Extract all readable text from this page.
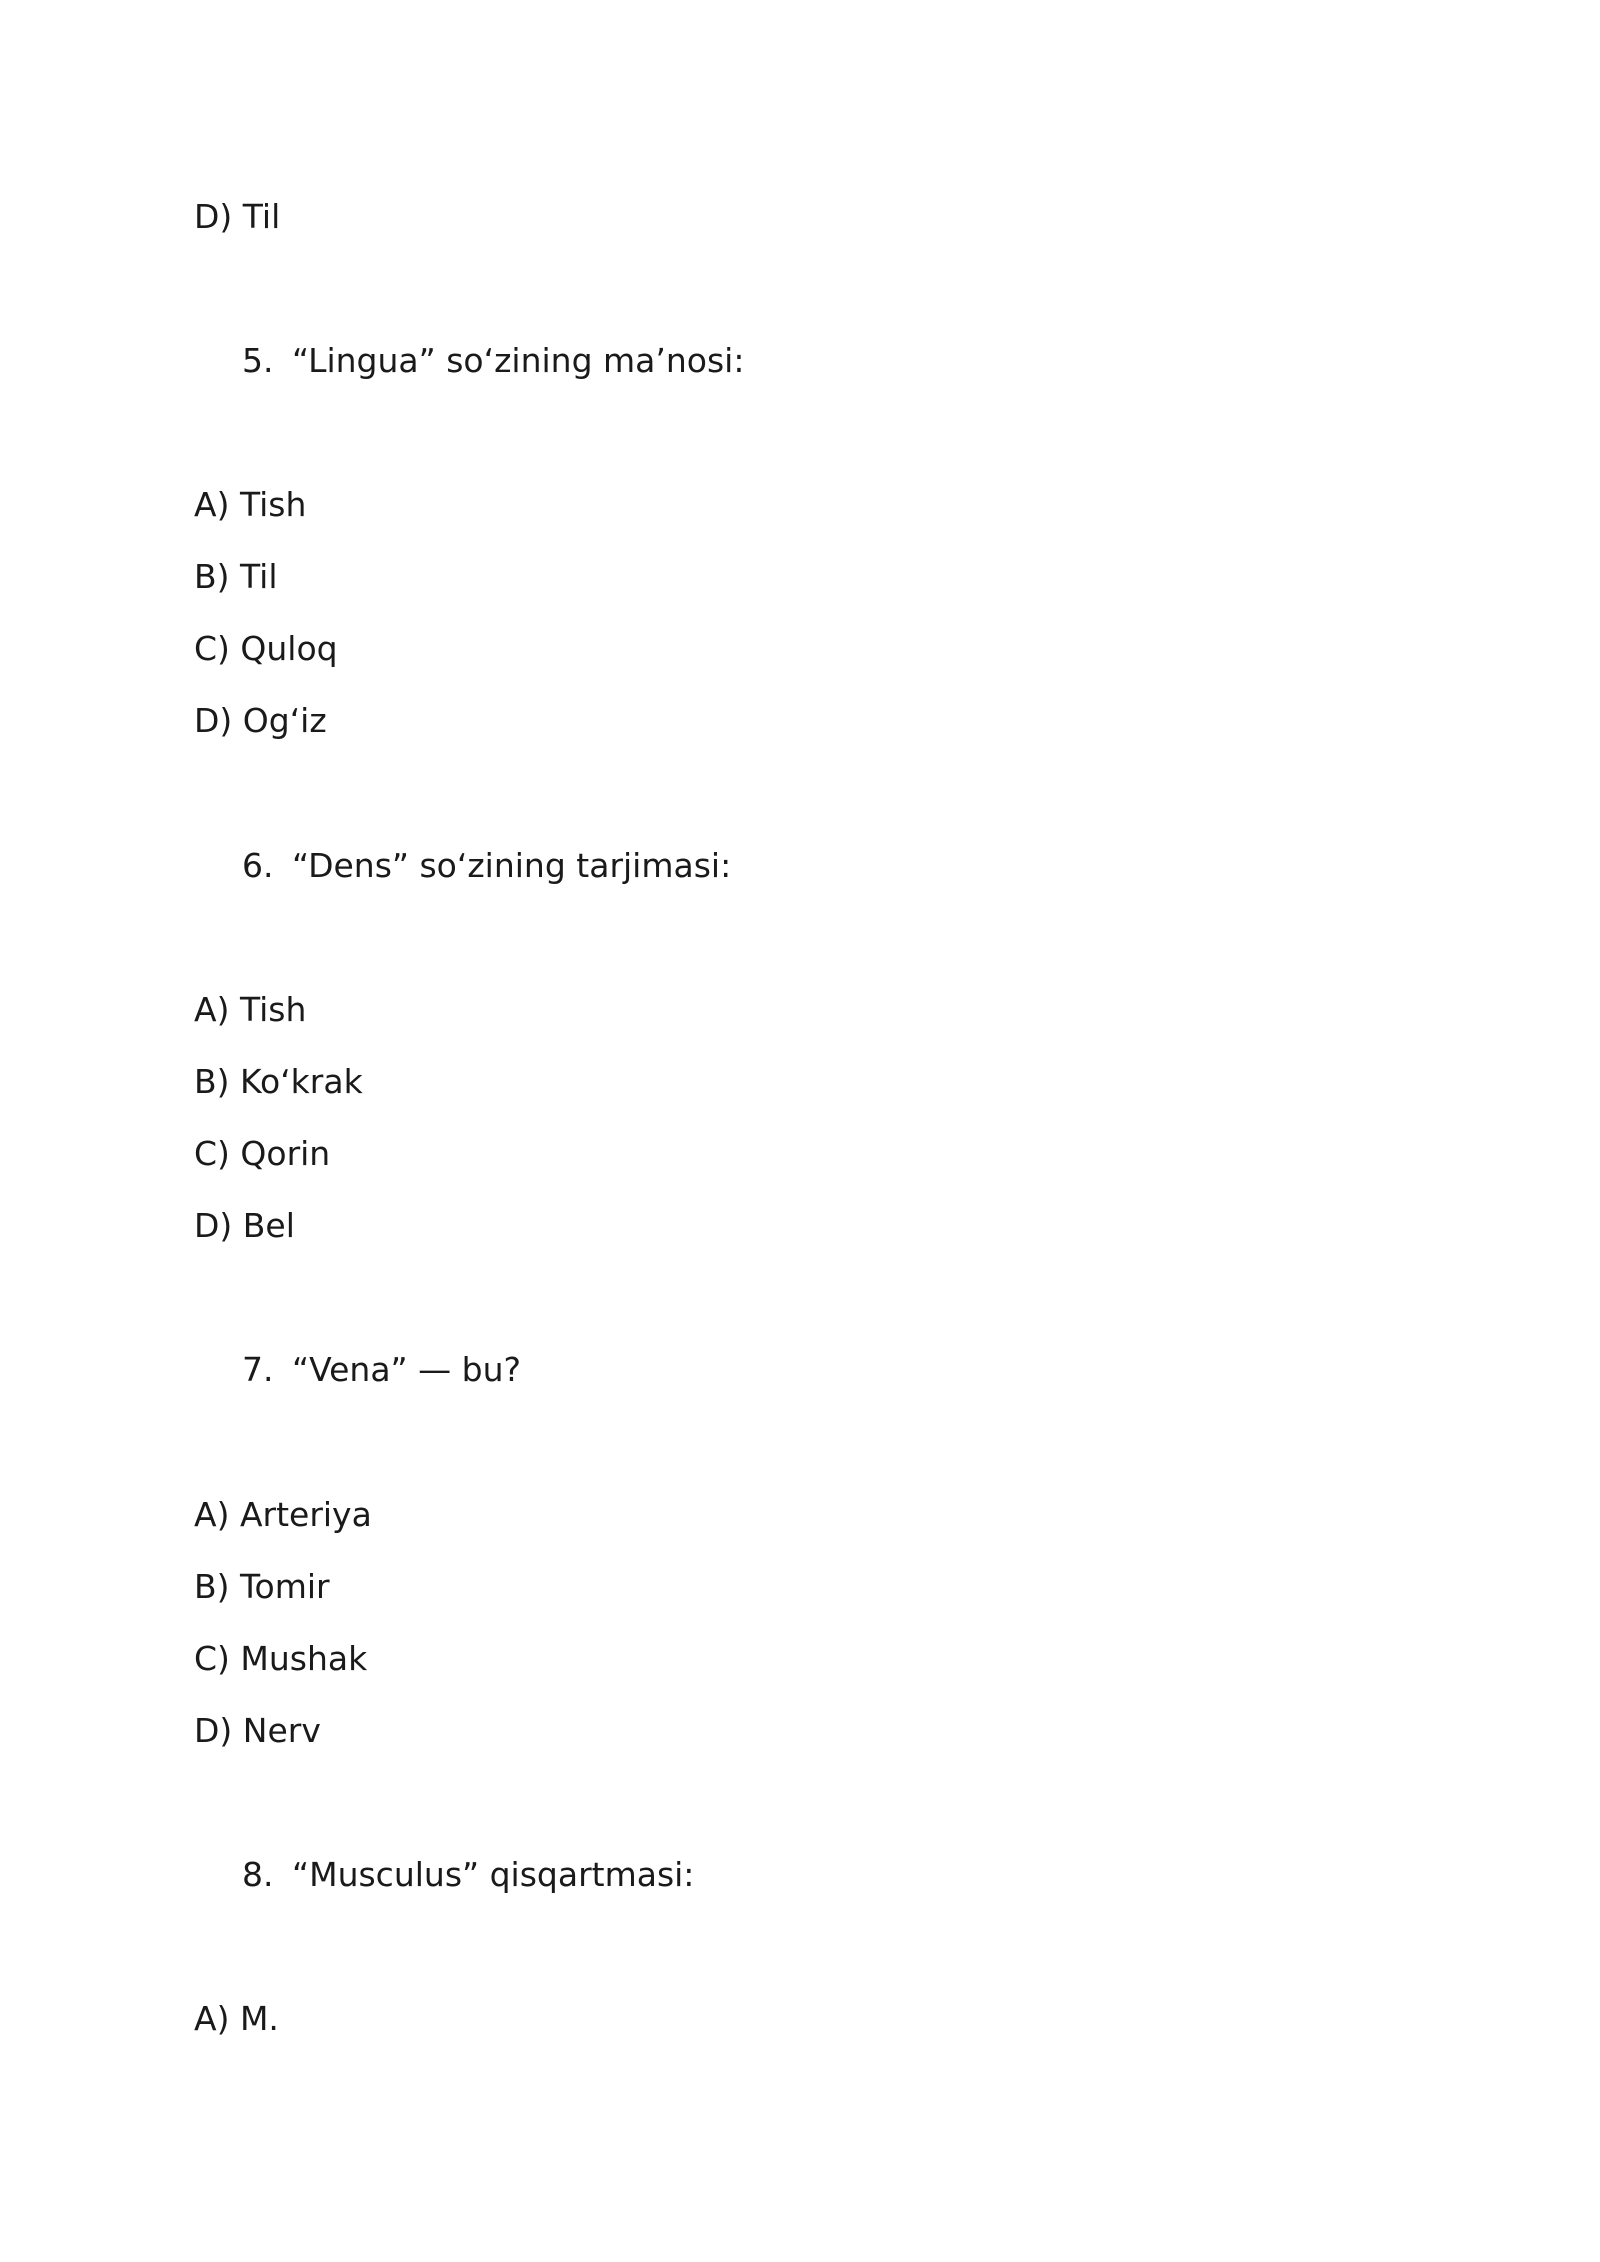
D) Til
5. “Lingua” so‘zining ma’nosi:
A) Tish
B) Til
C) Quloq
D) Og‘iz
6. “Dens” so‘zining tarjimasi:
A) Tish
B) Ko‘krak
C) Qorin
D) Bel
7. “Vena” — bu?
A) Arteriya
B) Tomir
C) Mushak
D) Nerv
8. “Musculus” qisqartmasi:
A) M.
